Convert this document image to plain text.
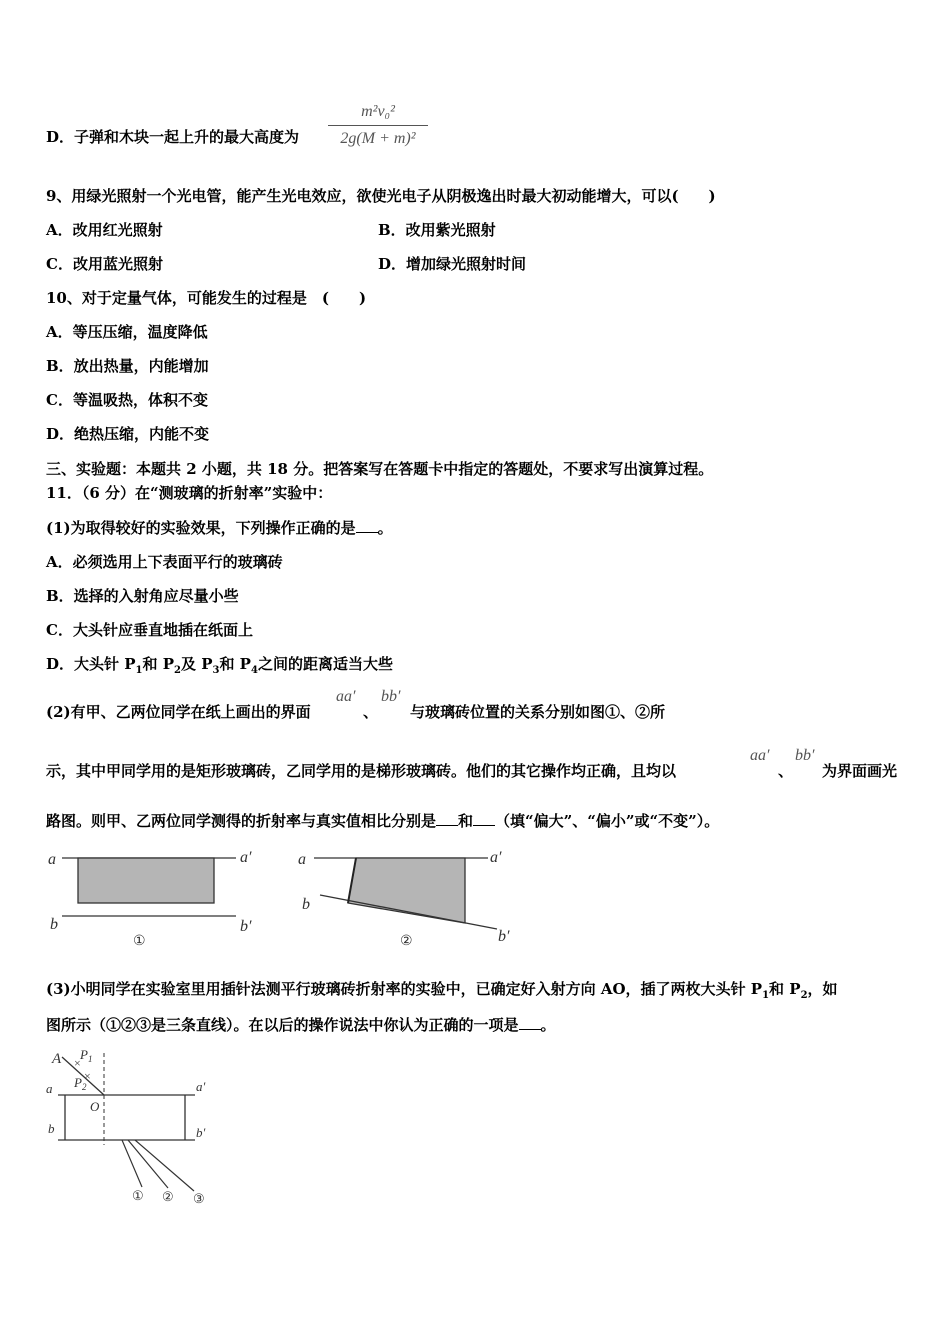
D．子弹和木块一起上升的最大高度为
m²v₀²
2g(M + m)²
9、用绿光照射一个光电管，能产生光电效应，欲使光电子从阴极逸出时最大初动能增大，可以(　　)
A．改用红光照射	B．改用紫光照射
C．改用蓝光照射	D．增加绿光照射时间
10、对于定量气体，可能发生的过程是　(　　)
A．等压压缩，温度降低
B．放出热量，内能增加
C．等温吸热，体积不变
D．绝热压缩，内能不变
三、实验题：本题共 2 小题，共 18 分。把答案写在答题卡中指定的答题处，不要求写出演算过程。
11．（6 分）在“测玻璃的折射率”实验中：
(1)为取得较好的实验效果，下列操作正确的是 。
A．必须选用上下表面平行的玻璃砖
B．选择的入射角应尽量小些
C．大头针应垂直地插在纸面上
D．大头针 $P_1$和 $P_2$及 $P_3$和 $P_4$之间的距离适当大些
(2)有甲、乙两位同学在纸上画出的界面
aa′
、
bb′
与玻璃砖位置的关系分别如图①、②所
示，其中甲同学用的是矩形玻璃砖，乙同学用的是梯形玻璃砖。他们的其它操作均正确，且均以
aa′
、
bb′
为界面画光
路图。则甲、乙两位同学测得的折射率与真实值相比分别是 和 （填“偏大”、“偏小”或“不变”）。
a	a′
b	b′
①
a	a′
b
b′
②
(3)小明同学在实验室里用插针法测平行玻璃砖折射率的实验中，已确定好入射方向 AO，插了两枚大头针 $P_1$和 $P_2$，如
图所示（①②③是三条直线）。在以后的操作说法中你认为正确的一项是 。
×
×
A $P_1$
$P_2$
O
a	a′
b	b′
① ② ③
